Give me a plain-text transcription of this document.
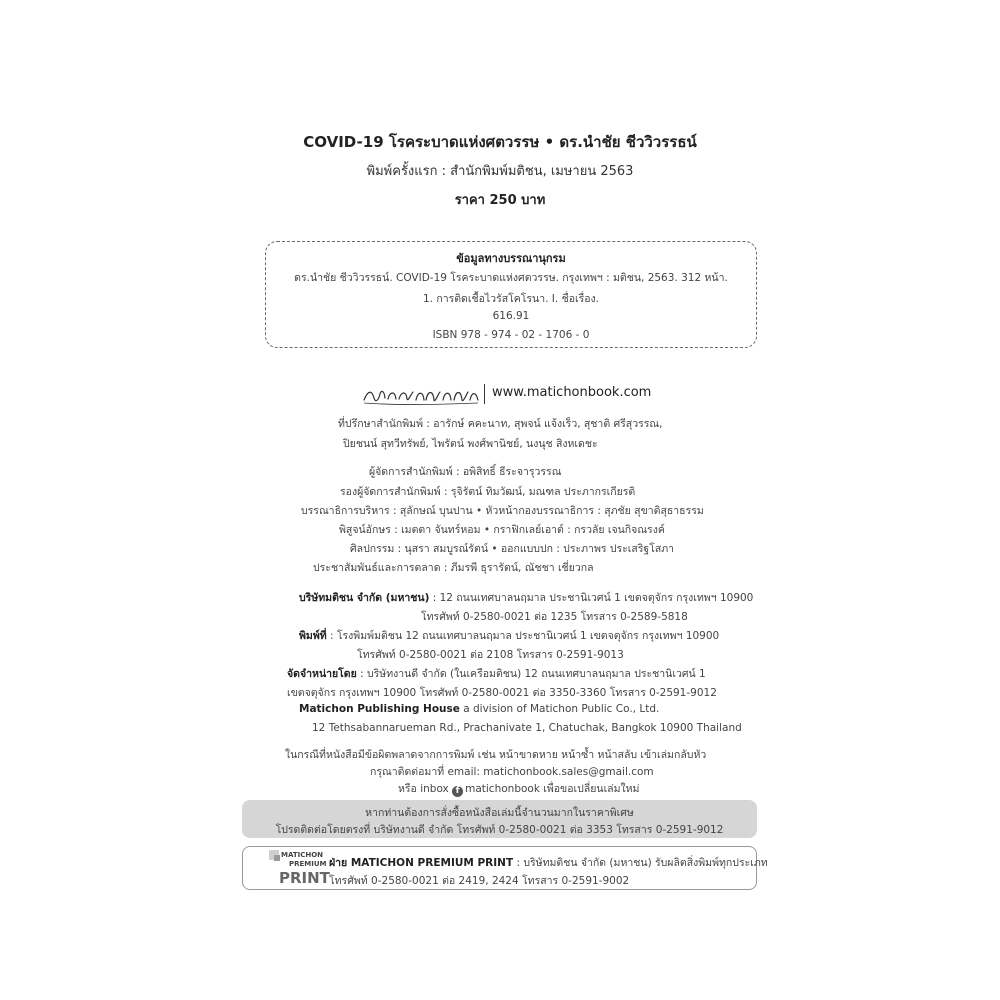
COVID-19 โรคระบาดแห่งศตวรรษ • ดร.นำชัย ชีววิวรรธน์
พิมพ์ครั้งแรก : สำนักพิมพ์มติชน, เมษายน 2563
ราคา 250 บาท
ข้อมูลทางบรรณานุกรม
ดร.นำชัย ชีววิวรรธน์. COVID-19 โรคระบาดแห่งศตวรรษ. กรุงเทพฯ : มติชน, 2563. 312 หน้า.
1. การติดเชื้อไวรัสโคโรนา. I. ชื่อเรื่อง.
616.91
ISBN 978 - 974 - 02 - 1706 - 0
www.matichonbook.com
ที่ปรึกษาสำนักพิมพ์ : อารักษ์ คคะนาท, สุพจน์ แจ้งเร็ว, สุชาติ ศรีสุวรรณ,
ปิยชนน์ สุทวีทรัพย์, ไพรัตน์ พงศ์พานิชย์, นงนุช สิงหเดชะ
ผู้จัดการสำนักพิมพ์ : อพิสิทธิ์ ธีระจารุวรรณ
รองผู้จัดการสำนักพิมพ์ : รุจิรัตน์ ทิมวัฒน์, มณฑล ประภากรเกียรติ
บรรณาธิการบริหาร : สุลักษณ์ บุนปาน • หัวหน้ากองบรรณาธิการ : สุภชัย สุขาติสุธาธรรม
พิสูจน์อักษร : เมตตา จันทร์หอม • กราฟิกเลย์เอาต์ : กรวลัย เจนกิจณรงค์
ศิลปกรรม : นุสรา สมบูรณ์รัตน์ • ออกแบบปก : ประภาพร ประเสริฐโสภา
ประชาสัมพันธ์และการตลาด : ภีมรพี ธุรารัตน์, ณัชชา เชี่ยวกล
บริษัทมติชน จำกัด (มหาชน) : 12 ถนนเทศบาลนฤมาล ประชานิเวศน์ 1 เขตจตุจักร กรุงเทพฯ 10900
โทรศัพท์ 0-2580-0021 ต่อ 1235 โทรสาร 0-2589-5818
พิมพ์ที่ : โรงพิมพ์มติชน 12 ถนนเทศบาลนฤมาล ประชานิเวศน์ 1 เขตจตุจักร กรุงเทพฯ 10900
โทรศัพท์ 0-2580-0021 ต่อ 2108 โทรสาร 0-2591-9013
จัดจำหน่ายโดย : บริษัทงานดี จำกัด (ในเครือมติชน) 12 ถนนเทศบาลนฤมาล ประชานิเวศน์ 1
เขตจตุจักร กรุงเทพฯ 10900 โทรศัพท์ 0-2580-0021 ต่อ 3350-3360 โทรสาร 0-2591-9012
Matichon Publishing House a division of Matichon Public Co., Ltd.
12 Tethsabannarueman Rd., Prachanivate 1, Chatuchak, Bangkok 10900 Thailand
ในกรณีที่หนังสือมีข้อผิดพลาดจากการพิมพ์ เช่น หน้าขาดหาย หน้าซ้ำ หน้าสลับ เข้าเล่มกลับหัว
กรุณาติดต่อมาที่ email: matichonbook.sales@gmail.com
หากท่านต้องการสั่งซื้อหนังสือเล่มนี้จำนวนมากในราคาพิเศษ
โปรดติดต่อโดยตรงที่ บริษัทงานดี จำกัด โทรศัพท์ 0-2580-0021 ต่อ 3353 โทรสาร 0-2591-9012
MATICHON
PREMIUM
PRINT
ฝ่าย MATICHON PREMIUM PRINT : บริษัทมติชน จำกัด (มหาชน) รับผลิตสิ่งพิมพ์ทุกประเภท
โทรศัพท์ 0-2580-0021 ต่อ 2419, 2424 โทรสาร 0-2591-9002
หรือ inbox f matichonbook เพื่อขอเปลี่ยนเล่มใหม่
